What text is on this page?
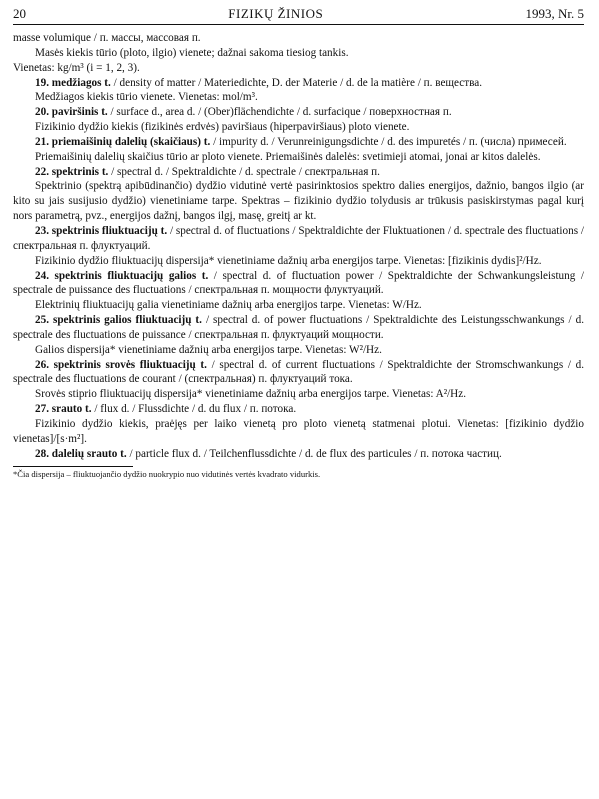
20	FIZIKŲ ŽINIOS	1993, Nr. 5

masse volumique / п. массы, массовая п.

Masės kiekis tūrio (ploto, ilgio) vienete; dažnai sakoma tiesiog tankis.

Vienetas: kg/m³ (i = 1, 2, 3).

19. medžiagos t. / density of matter / Materiedichte, D. der Materie / d. de la matière / п. вещества.

Medžiagos kiekis tūrio vienete. Vienetas: mol/m³.

20. paviršinis t. / surface d., area d. / (Ober)flächendichte / d. surfacique / поверхностная п.

Fizikinio dydžio kiekis (fizikinės erdvės) paviršiaus (hiperpaviršiaus) ploto vienete.

21. priemaišinių dalelių (skaičiaus) t. / impurity d. / Verunreinigungsdichte / d. des impuretés / п. (числа) примесей.

Priemaišinių dalelių skaičius tūrio ar ploto vienete. Priemaišinės dalelės: svetimieji atomai, jonai ar kitos dalelės.

22. spektrinis t. / spectral d. / Spektraldichte / d. spectrale / спектральная п.

Spektrinio (spektrą apibūdinančio) dydžio vidutinė vertė pasirinktosios spektro dalies energijos, dažnio, bangos ilgio (ar kito su jais susijusio dydžio) vienetiniame tarpe. Spektras – fizikinio dydžio tolydusis ar trūkusis pasiskirstymas pagal kurį nors parametrą, pvz., energijos dažnį, bangos ilgį, masę, greitį ar kt.

23. spektrinis fliuktuacijų t. / spectral d. of fluctuations / Spektraldichte der Fluktuationen / d. spectrale des fluctuations / спектральная п. флуктуаций.

Fizikinio dydžio fliuktuacijų dispersija* vienetiniame dažnių arba energijos tarpe. Vienetas: [fizikinis dydis]²/Hz.

24. spektrinis fliuktuacijų galios t. / spectral d. of fluctuation power / Spektraldichte der Schwankungsleistung / spectrale de puissance des fluctuations / спектральная п. мощности флуктуаций.

Elektrinių fliuktuacijų galia vienetiniame dažnių arba energijos tarpe. Vienetas: W/Hz.

25. spektrinis galios fliuktuacijų t. / spectral d. of power fluctuations / Spektraldichte des Leistungsschwankungs / d. spectrale des fluctuations de puissance / спектральная п. флуктуаций мощности.

Galios dispersija* vienetiniame dažnių arba energijos tarpe. Vienetas: W²/Hz.

26. spektrinis srovės fliuktuacijų t. / spectral d. of current fluctuations / Spektraldichte der Stromschwankungs / d. spectrale des fluctuations de courant / (спектральная) п. флуктуаций тока.

Srovės stiprio fliuktuacijų dispersija* vienetiniame dažnių arba energijos tarpe. Vienetas: A²/Hz.

27. srauto t. / flux d. / Flussdichte / d. du flux / п. потока.

Fizikinio dydžio kiekis, praėjęs per laiko vienetą pro ploto vienetą statmenai plotui. Vienetas: [fizikinio dydžio vienetas]/[s·m²].

28. dalelių srauto t. / particle flux d. / Teilchenflussdichte / d. de flux des particules / п. потока частиц.

*Čia dispersija – fliuktuojančio dydžio nuokrypio nuo vidutinės vertės kvadrato vidurkis.
